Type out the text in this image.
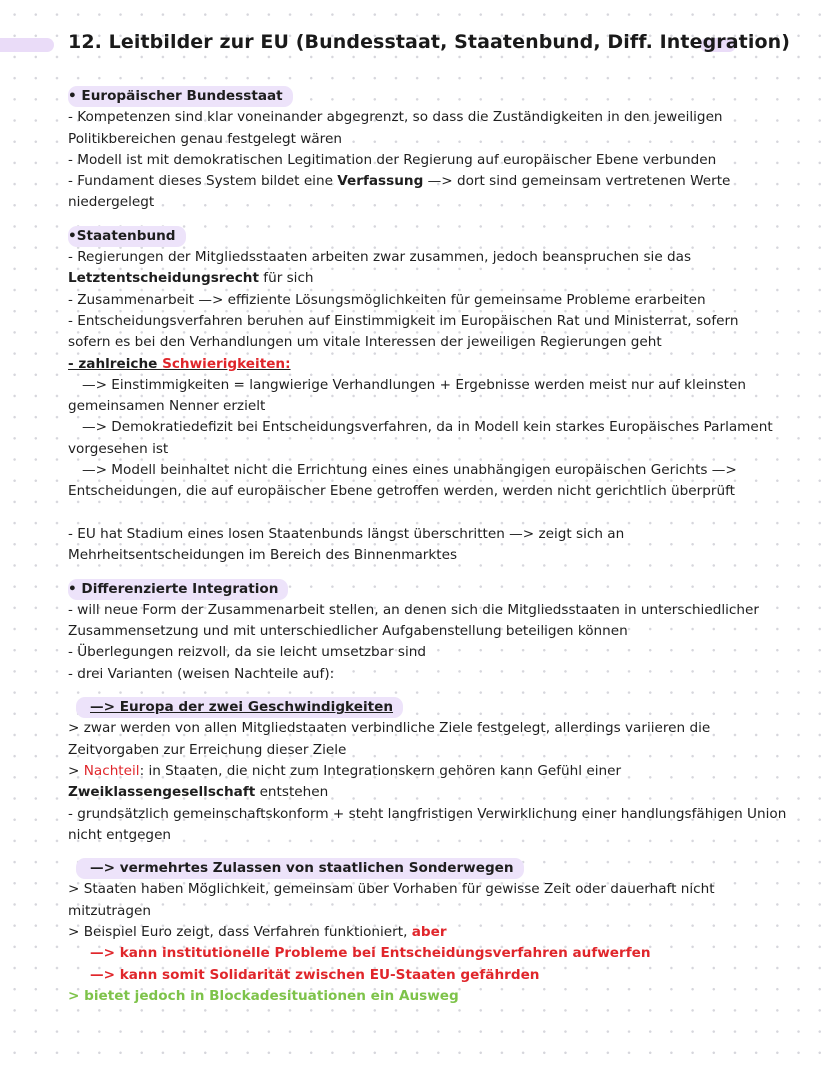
12. Leitbilder zur EU (Bundesstaat, Staatenbund, Diff. Integration)
• Europäischer Bundesstaat
- Kompetenzen sind klar voneinander abgegrenzt, so dass die Zuständigkeiten in den jeweiligen
Politikbereichen genau festgelegt wären
- Modell ist mit demokratischen Legitimation der Regierung auf europäischer Ebene verbunden
- Fundament dieses System bildet eine Verfassung —> dort sind gemeinsam vertretenen Werte
niedergelegt
•Staatenbund
- Regierungen der Mitgliedsstaaten arbeiten zwar zusammen, jedoch beanspruchen sie das
Letztentscheidungsrecht für sich
- Zusammenarbeit —> effiziente Lösungsmöglichkeiten für gemeinsame Probleme erarbeiten
- Entscheidungsverfahren beruhen auf Einstimmigkeit im Europäischen Rat und Ministerrat, sofern
sofern es bei den Verhandlungen um vitale Interessen der jeweiligen Regierungen geht
- zahlreiche Schwierigkeiten:
—> Einstimmigkeiten = langwierige Verhandlungen + Ergebnisse werden meist nur auf kleinsten
gemeinsamen Nenner erzielt
—> Demokratiedefizit bei Entscheidungsverfahren, da in Modell kein starkes Europäisches Parlament
vorgesehen ist
—> Modell beinhaltet nicht die Errichtung eines eines unabhängigen europäischen Gerichts —>
Entscheidungen, die auf europäischer Ebene getroffen werden, werden nicht gerichtlich überprüft
- EU hat Stadium eines losen Staatenbunds längst überschritten —> zeigt sich an
Mehrheitsentscheidungen im Bereich des Binnenmarktes
• Differenzierte Integration
- will neue Form der Zusammenarbeit stellen, an denen sich die Mitgliedsstaaten in unterschiedlicher
Zusammensetzung und mit unterschiedlicher Aufgabenstellung beteiligen können
- Überlegungen reizvoll, da sie leicht umsetzbar sind
- drei Varianten (weisen Nachteile auf):
—> Europa der zwei Geschwindigkeiten
> zwar werden von allen Mitgliedstaaten verbindliche Ziele festgelegt, allerdings variieren die
Zeitvorgaben zur Erreichung dieser Ziele
> Nachteil: in Staaten, die nicht zum Integrationskern gehören kann Gefühl einer
Zweiklassengesellschaft entstehen
- grundsätzlich gemeinschaftskonform + steht langfristigen Verwirklichung einer handlungsfähigen Union
nicht entgegen
—> vermehrtes Zulassen von staatlichen Sonderwegen
> Staaten haben Möglichkeit, gemeinsam über Vorhaben für gewisse Zeit oder dauerhaft nicht
mitzutragen
> Beispiel Euro zeigt, dass Verfahren funktioniert, aber
—> kann institutionelle Probleme bei Entscheidungsverfahren aufwerfen
—> kann somit Solidarität zwischen EU-Staaten gefährden
> bietet jedoch in Blockadesituationen ein Ausweg
